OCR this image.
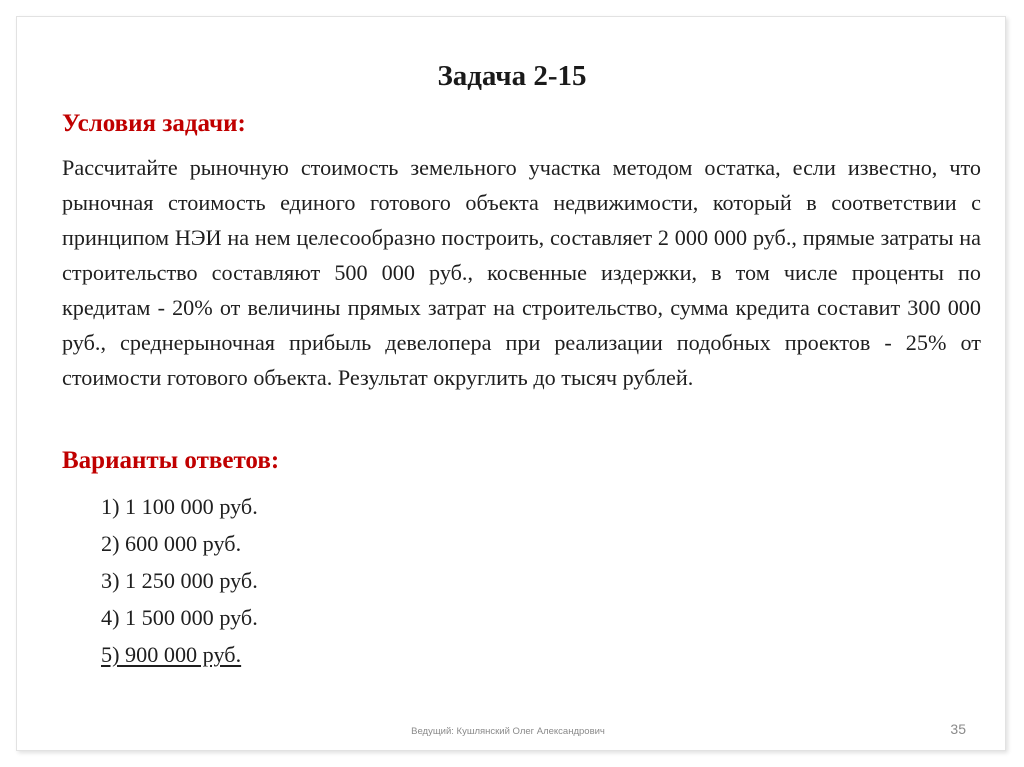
Задача 2-15
Условия задачи:

Рассчитайте рыночную стоимость земельного участка методом остатка, если известно, что рыночная стоимость единого готового объекта недвижимости, который в соответствии с принципом НЭИ на нем целесообразно построить, составляет 2 000 000 руб., прямые затраты на строительство составляют 500 000 руб., косвенные издержки, в том числе проценты по кредитам - 20% от величины прямых затрат на строительство, сумма кредита составит 300 000 руб., среднерыночная прибыль девелопера при реализации подобных проектов - 25% от стоимости готового объекта. Результат округлить до тысяч рублей.

Варианты ответов:
1) 1 100 000 руб.
2) 600 000 руб.
3) 1 250 000 руб.
4) 1 500 000 руб.
5) 900 000 руб.
Ведущий: Кушлянский Олег Александрович	35
